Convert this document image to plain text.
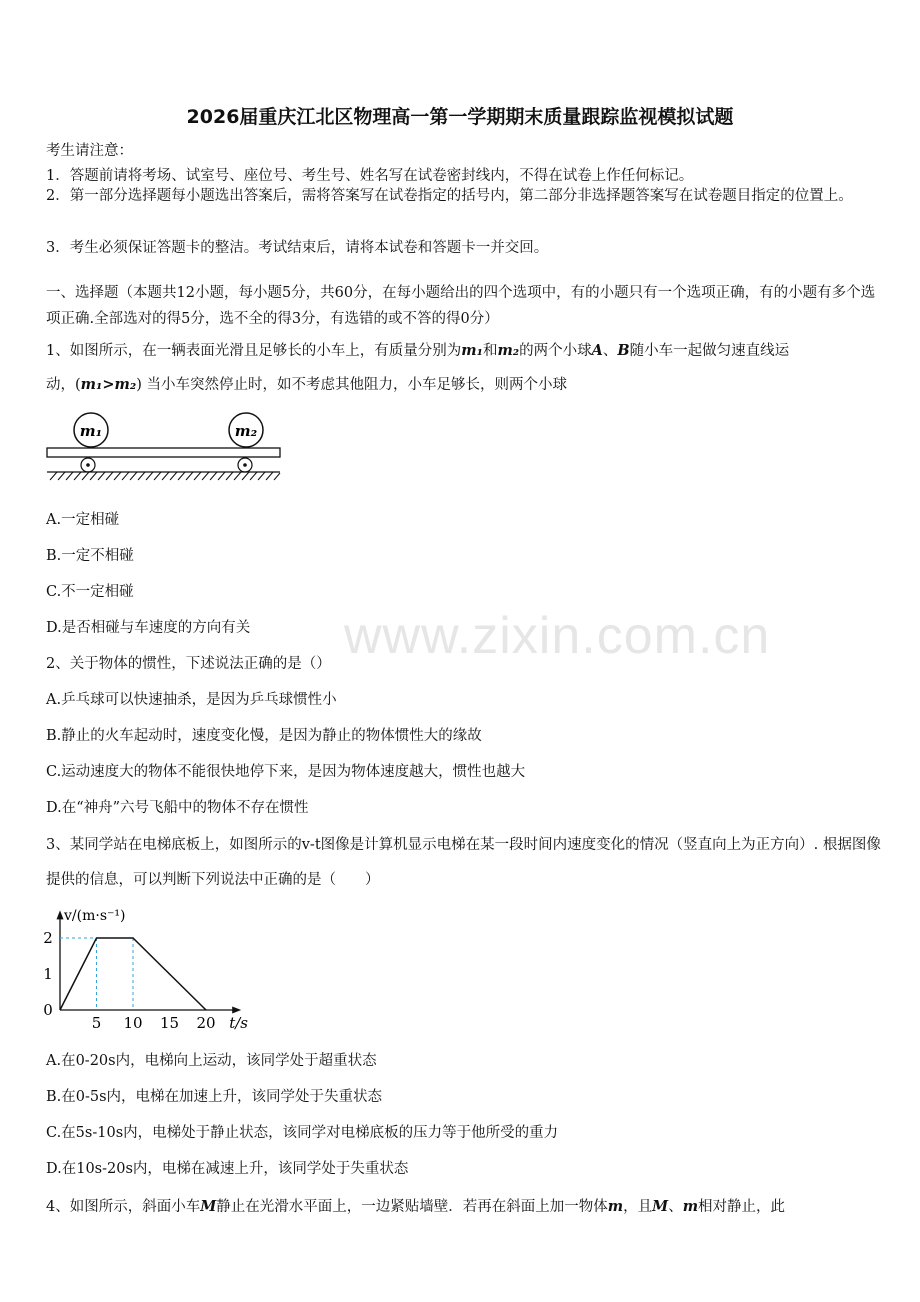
www.zixin.com.cn
2026届重庆江北区物理高一第一学期期末质量跟踪监视模拟试题
考生请注意：
1．答题前请将考场、试室号、座位号、考生号、姓名写在试卷密封线内，不得在试卷上作任何标记。
2．第一部分选择题每小题选出答案后，需将答案写在试卷指定的括号内，第二部分非选择题答案写在试卷题目指定的位置上。
3．考生必须保证答题卡的整洁。考试结束后，请将本试卷和答题卡一并交回。
一、选择题（本题共12小题，每小题5分，共60分，在每小题给出的四个选项中，有的小题只有一个选项正确，有的小题有多个选项正确.全部选对的得5分，选不全的得3分，有选错的或不答的得0分）
1、如图所示，在一辆表面光滑且足够长的小车上，有质量分别为m₁和m₂的两个小球A、B随小车一起做匀速直线运
动，(m₁>m₂) 当小车突然停止时，如不考虑其他阻力，小车足够长，则两个小球
m₁	m₂
A.一定相碰
B.一定不相碰
C.不一定相碰
D.是否相碰与车速度的方向有关
2、关于物体的惯性，下述说法正确的是（）
A.乒乓球可以快速抽杀，是因为乒乓球惯性小
B.静止的火车起动时，速度变化慢，是因为静止的物体惯性大的缘故
C.运动速度大的物体不能很快地停下来，是因为物体速度越大，惯性也越大
D.在“神舟”六号飞船中的物体不存在惯性
3、某同学站在电梯底板上，如图所示的v-t图像是计算机显示电梯在某一段时间内速度变化的情况（竖直向上为正方向）. 根据图像提供的信息，可以判断下列说法中正确的是（　　）
5 10 15 20
0
1
2
t/s
v/(m·s⁻¹)
A.在0-20s内，电梯向上运动，该同学处于超重状态
B.在0-5s内，电梯在加速上升，该同学处于失重状态
C.在5s-10s内，电梯处于静止状态，该同学对电梯底板的压力等于他所受的重力
D.在10s-20s内，电梯在减速上升，该同学处于失重状态
4、如图所示，斜面小车M静止在光滑水平面上，一边紧贴墙壁．若再在斜面上加一物体m，且M、m相对静止，此
